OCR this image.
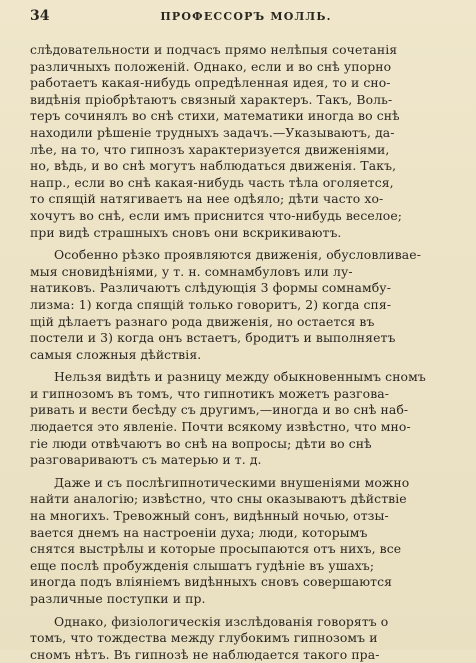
34	ПРОФЕССОРЪ МОЛЛЬ.
слѣдовательности и подчасъ прямо нелѣпыя сочетанія
различныхъ положеній. Однако, если и во снѣ упорно
работаетъ какая-нибудь опредѣленная идея, то и сно-
видѣнія пріобрѣтаютъ связный характеръ. Такъ, Воль-
теръ сочинялъ во снѣ стихи, математики иногда во снѣ
находили рѣшеніе трудныхъ задачъ.—Указываютъ, да-
лѣе, на то, что гипнозъ характеризуется движеніями,
но, вѣдь, и во снѣ могутъ наблюдаться движенія. Такъ,
напр., если во снѣ какая-нибудь часть тѣла оголяется,
то спящій натягиваетъ на нее одѣяло; дѣти часто хо-
хочутъ во снѣ, если имъ приснится что-нибудь веселое;
при видѣ страшныхъ сновъ они вскрикиваютъ.
Особенно рѣзко проявляются движенія, обусловливае-
мыя сновидѣніями, у т. н. сомнамбуловъ или лу-
натиковъ. Различаютъ слѣдующія 3 формы сомнамбу-
лизма: 1) когда спящій только говоритъ, 2) когда спя-
щій дѣлаетъ разнаго рода движенія, но остается въ
постели и 3) когда онъ встаетъ, бродитъ и выполняетъ
самыя сложныя дѣйствія.
Нельзя видѣть и разницу между обыкновеннымъ сномъ
и гипнозомъ въ томъ, что гипнотикъ можетъ разгова-
ривать и вести бесѣду съ другимъ,—иногда и во снѣ наб-
людается это явленіе. Почти всякому извѣстно, что мно-
гіе люди отвѣчаютъ во снѣ на вопросы; дѣти во снѣ
разговариваютъ съ матерью и т. д.
Даже и съ послѣгипнотическими внушеніями можно
найти аналогію; извѣстно, что сны оказываютъ дѣйствіе
на многихъ. Тревожный сонъ, видѣнный ночью, отзы-
вается днемъ на настроеніи духа; люди, которымъ
снятся выстрѣлы и которые просыпаются отъ нихъ, все
еще послѣ пробужденія слышатъ гудѣніе въ ушахъ;
иногда подъ вліяніемъ видѣнныхъ сновъ совершаются
различные поступки и пр.
Однако, физіологическія изслѣдованія говорятъ о
томъ, что тождества между глубокимъ гипнозомъ и
сномъ нѣтъ. Въ гипнозѣ не наблюдается такого пра-
